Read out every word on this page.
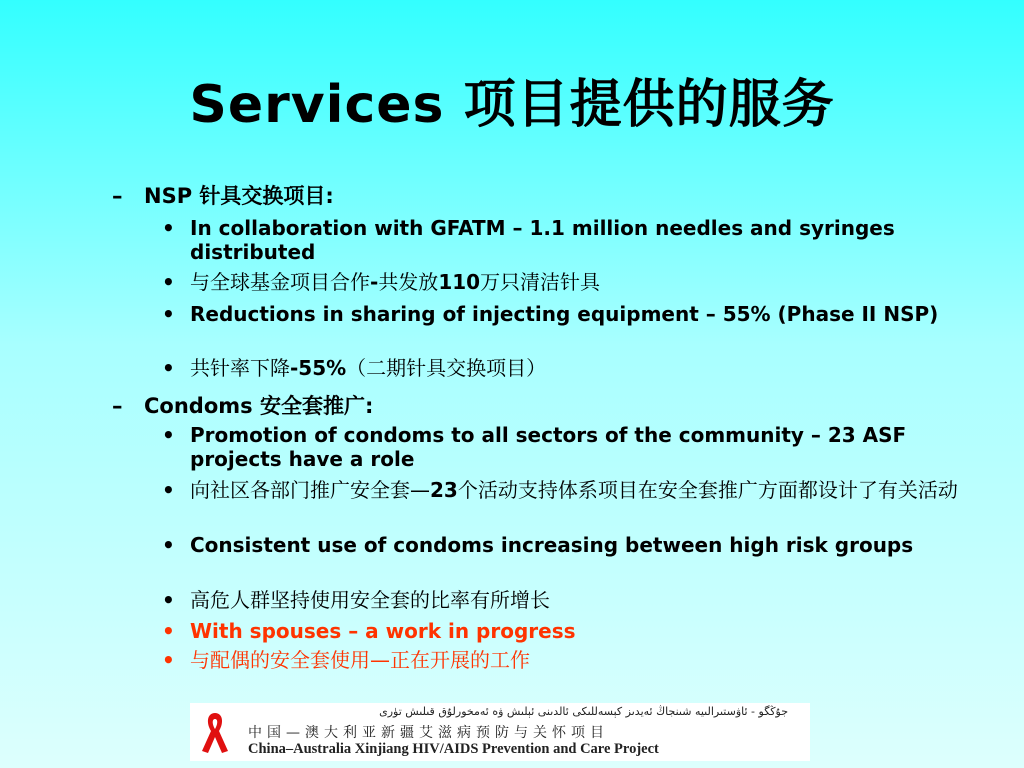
Services 项目提供的服务
– NSP 针具交换项目:
• In collaboration with GFATM – 1.1 million needles and syringes distributed
• 与全球基金项目合作-共发放110万只清洁针具
• Reductions in sharing of injecting equipment – 55% (Phase II NSP)
• 共针率下降-55%（二期针具交换项目）
– Condoms 安全套推广:
• Promotion of condoms to all sectors of the community – 23 ASF projects have a role
• 向社区各部门推广安全套—23个活动支持体系项目在安全套推广方面都设计了有关活动
• Consistent use of condoms increasing between high risk groups
• 高危人群坚持使用安全套的比率有所增长
• With spouses – a work in progress
• 与配偶的安全套使用—正在开展的工作
جۇڭگو - ئاۋستىرالىيە شىنجاڭ ئەيدىز كېسەللىكى ئالدىنى ئېلىش ۋە ئەمخورلۇق قىلىش تۈرى
中国—澳大利亚新疆艾滋病预防与关怀项目
China–Australia Xinjiang HIV/AIDS Prevention and Care Project
